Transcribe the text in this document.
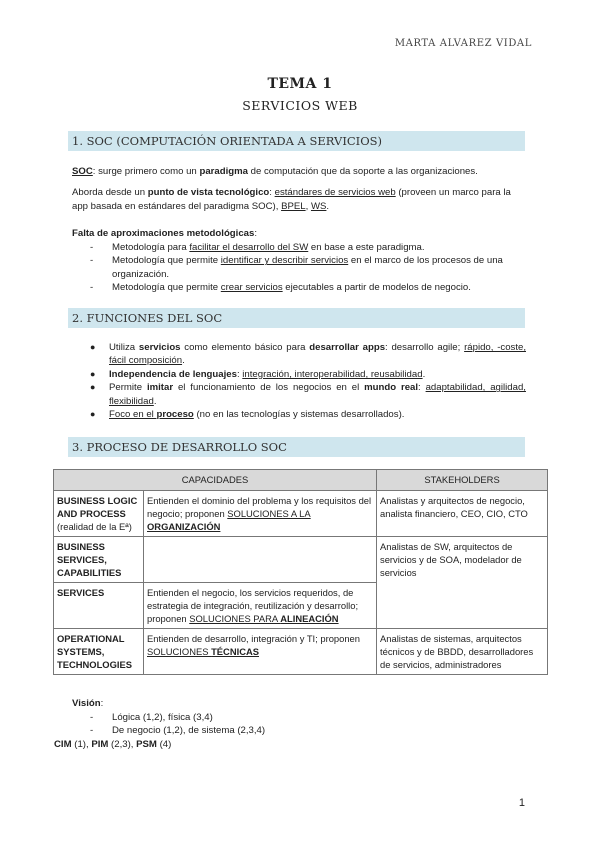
MARTA ALVAREZ VIDAL
TEMA 1
SERVICIOS WEB
1. SOC (COMPUTACIÓN ORIENTADA A SERVICIOS)
SOC: surge primero como un paradigma de computación que da soporte a las organizaciones.
Aborda desde un punto de vista tecnológico: estándares de servicios web (proveen un marco para la app basada en estándares del paradigma SOC), BPEL, WS.
Falta de aproximaciones metodológicas:
- Metodología para facilitar el desarrollo del SW en base a este paradigma.
- Metodología que permite identificar y describir servicios en el marco de los procesos de una organización.
- Metodología que permite crear servicios ejecutables a partir de modelos de negocio.
2. FUNCIONES DEL SOC
● Utiliza servicios como elemento básico para desarrollar apps: desarrollo agile; rápido, -coste, fácil composición.
● Independencia de lenguajes: integración, interoperabilidad, reusabilidad.
● Permite imitar el funcionamiento de los negocios en el mundo real: adaptabilidad, agilidad, flexibilidad.
● Foco en el proceso (no en las tecnologías y sistemas desarrollados).
3. PROCESO DE DESARROLLO SOC
CAPACIDADES		STAKEHOLDERS
BUSINESS LOGIC AND PROCESS
(realidad de la Eª)	Entienden el dominio del problema y los requisitos del negocio; proponen SOLUCIONES A LA ORGANIZACIÓN	Analistas y arquitectos de negocio, analista financiero, CEO, CIO, CTO
BUSINESS SERVICES, CAPABILITIES		Analistas de SW, arquitectos de servicios y de SOA, modelador de servicios
SERVICES	Entienden el negocio, los servicios requeridos, de estrategia de integración, reutilización y desarrollo; proponen SOLUCIONES PARA ALINEACIÓN	
OPERATIONAL SYSTEMS, TECHNOLOGIES	Entienden de desarrollo, integración y TI; proponen SOLUCIONES TÉCNICAS	Analistas de sistemas, arquitectos técnicos y de BBDD, desarrolladores de servicios, administradores
Visión:
- Lógica (1,2), física (3,4)
- De negocio (1,2), de sistema (2,3,4)
CIM (1), PIM (2,3), PSM (4)
1
